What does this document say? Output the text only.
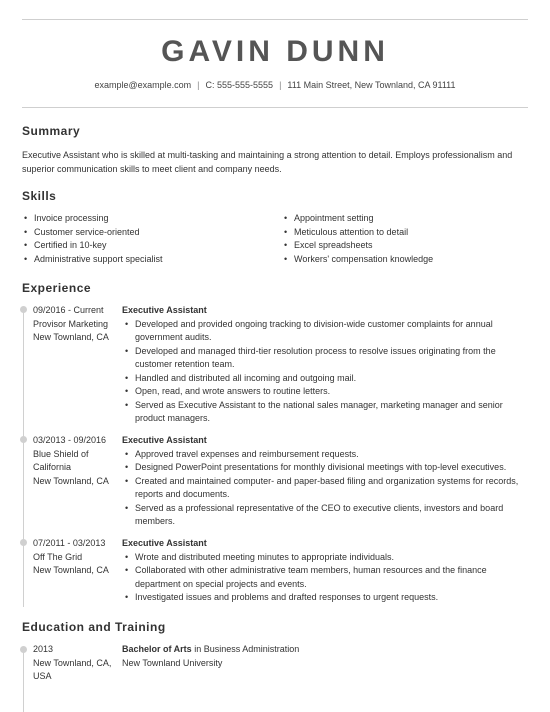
GAVIN DUNN
example@example.com | C: 555-555-5555 | 111 Main Street, New Townland, CA 91111
Summary
Executive Assistant who is skilled at multi-tasking and maintaining a strong attention to detail. Employs professionalism and superior communication skills to meet client and company needs.
Skills
• Invoice processing
• Customer service-oriented
• Certified in 10-key
• Administrative support specialist
• Appointment setting
• Meticulous attention to detail
• Excel spreadsheets
• Workers' compensation knowledge
Experience
09/2016 - Current
Provisor Marketing
New Townland, CA
Executive Assistant
• Developed and provided ongoing tracking to division-wide customer complaints for annual government audits.
• Developed and managed third-tier resolution process to resolve issues originating from the customer retention team.
• Handled and distributed all incoming and outgoing mail.
• Open, read, and wrote answers to routine letters.
• Served as Executive Assistant to the national sales manager, marketing manager and senior product managers.
03/2013 - 09/2016
Blue Shield of California
New Townland, CA
Executive Assistant
• Approved travel expenses and reimbursement requests.
• Designed PowerPoint presentations for monthly divisional meetings with top-level executives.
• Created and maintained computer- and paper-based filing and organization systems for records, reports and documents.
• Served as a professional representative of the CEO to executive clients, investors and board members.
07/2011 - 03/2013
Off The Grid
New Townland, CA
Executive Assistant
• Wrote and distributed meeting minutes to appropriate individuals.
• Collaborated with other administrative team members, human resources and the finance department on special projects and events.
• Investigated issues and problems and drafted responses to urgent requests.
Education and Training
2013
New Townland, CA, USA
Bachelor of Arts in Business Administration
New Townland University
